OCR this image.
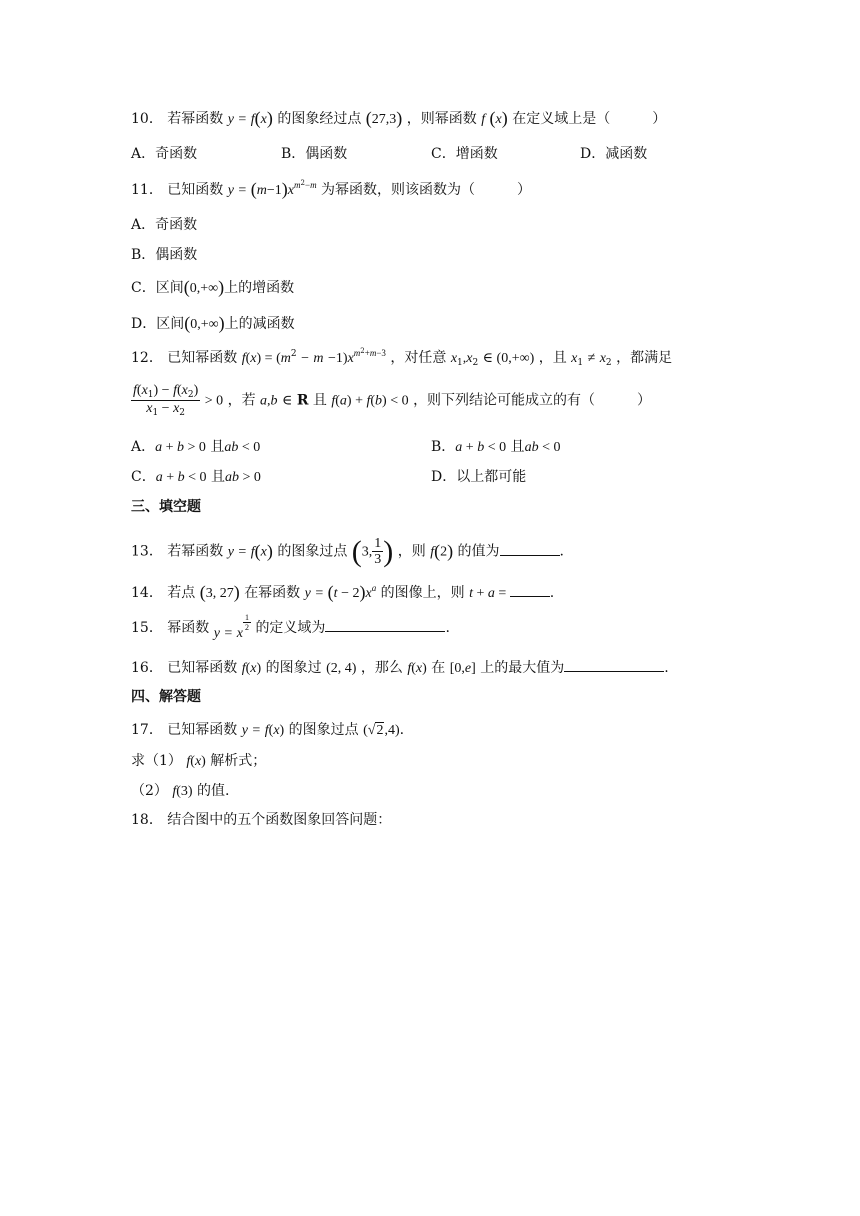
10． 若幂函数 y = f(x) 的图象经过点 (27,3) ，则幂函数 f (x) 在定义域上是（　　　）
A．奇函数	B．偶函数	C．增函数	D．减函数
11． 已知函数 $y = (m-1)x^{m^2-m}$ 为幂函数，则该函数为（　　　）
A．奇函数
B．偶函数
C．区间(0,+∞)上的增函数
D．区间(0,+∞)上的减函数
12． 已知幂函数 $f(x) = (m^2 - m -1)x^{m^2+m-3}$ ，对任意 $x_1,x_2$ ∈ (0,+∞) ，且 $x_1 \ne x_2$ ，都满足
$\frac{f(x_1) - f(x_2)}{x_1 - x_2} > 0$ ，若 a,b ∈ R 且 f(a) + f(b) < 0 ，则下列结论可能成立的有（　　　）
A．a + b > 0 且ab < 0	B．a + b < 0 且ab < 0
C．a + b < 0 且ab > 0	D．以上都可能
三、填空题
13． 若幂函数 y = f(x) 的图象过点 (3, $\frac{1}{3}$ ) ，则 f(2) 的值为	.
14． 若点 (3, 27) 在幂函数 $y = (t - 2)x^a$ 的图像上，则 t + a =	.
15． 幂函数 y = x
$^{\frac{1}{2}}$ 的定义域为	.
16． 已知幂函数 f(x) 的图象过 (2, 4) ，那么 f(x) 在 [0,e] 上的最大值为	.
四、解答题
17． 已知幂函数 y = f(x) 的图象过点 (√2,4).
求（1） f(x) 解析式；
（2） f(3) 的值.
18． 结合图中的五个函数图象回答问题：
